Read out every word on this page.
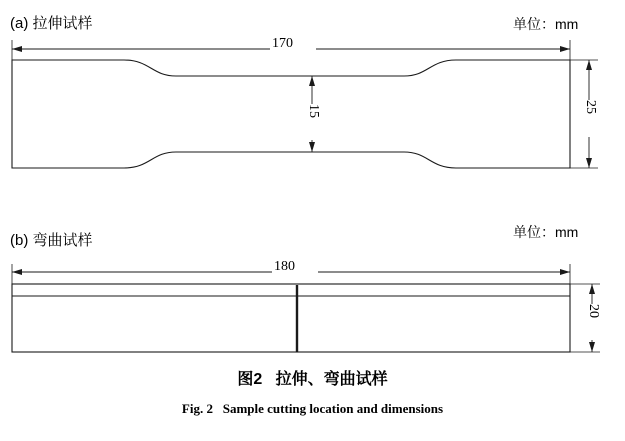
(a) 拉伸试样	单位：mm
170
15	25
(b) 弯曲试样	单位：mm
180
20
图2 拉伸、弯曲试样
Fig. 2 Sample cutting location and dimensions
